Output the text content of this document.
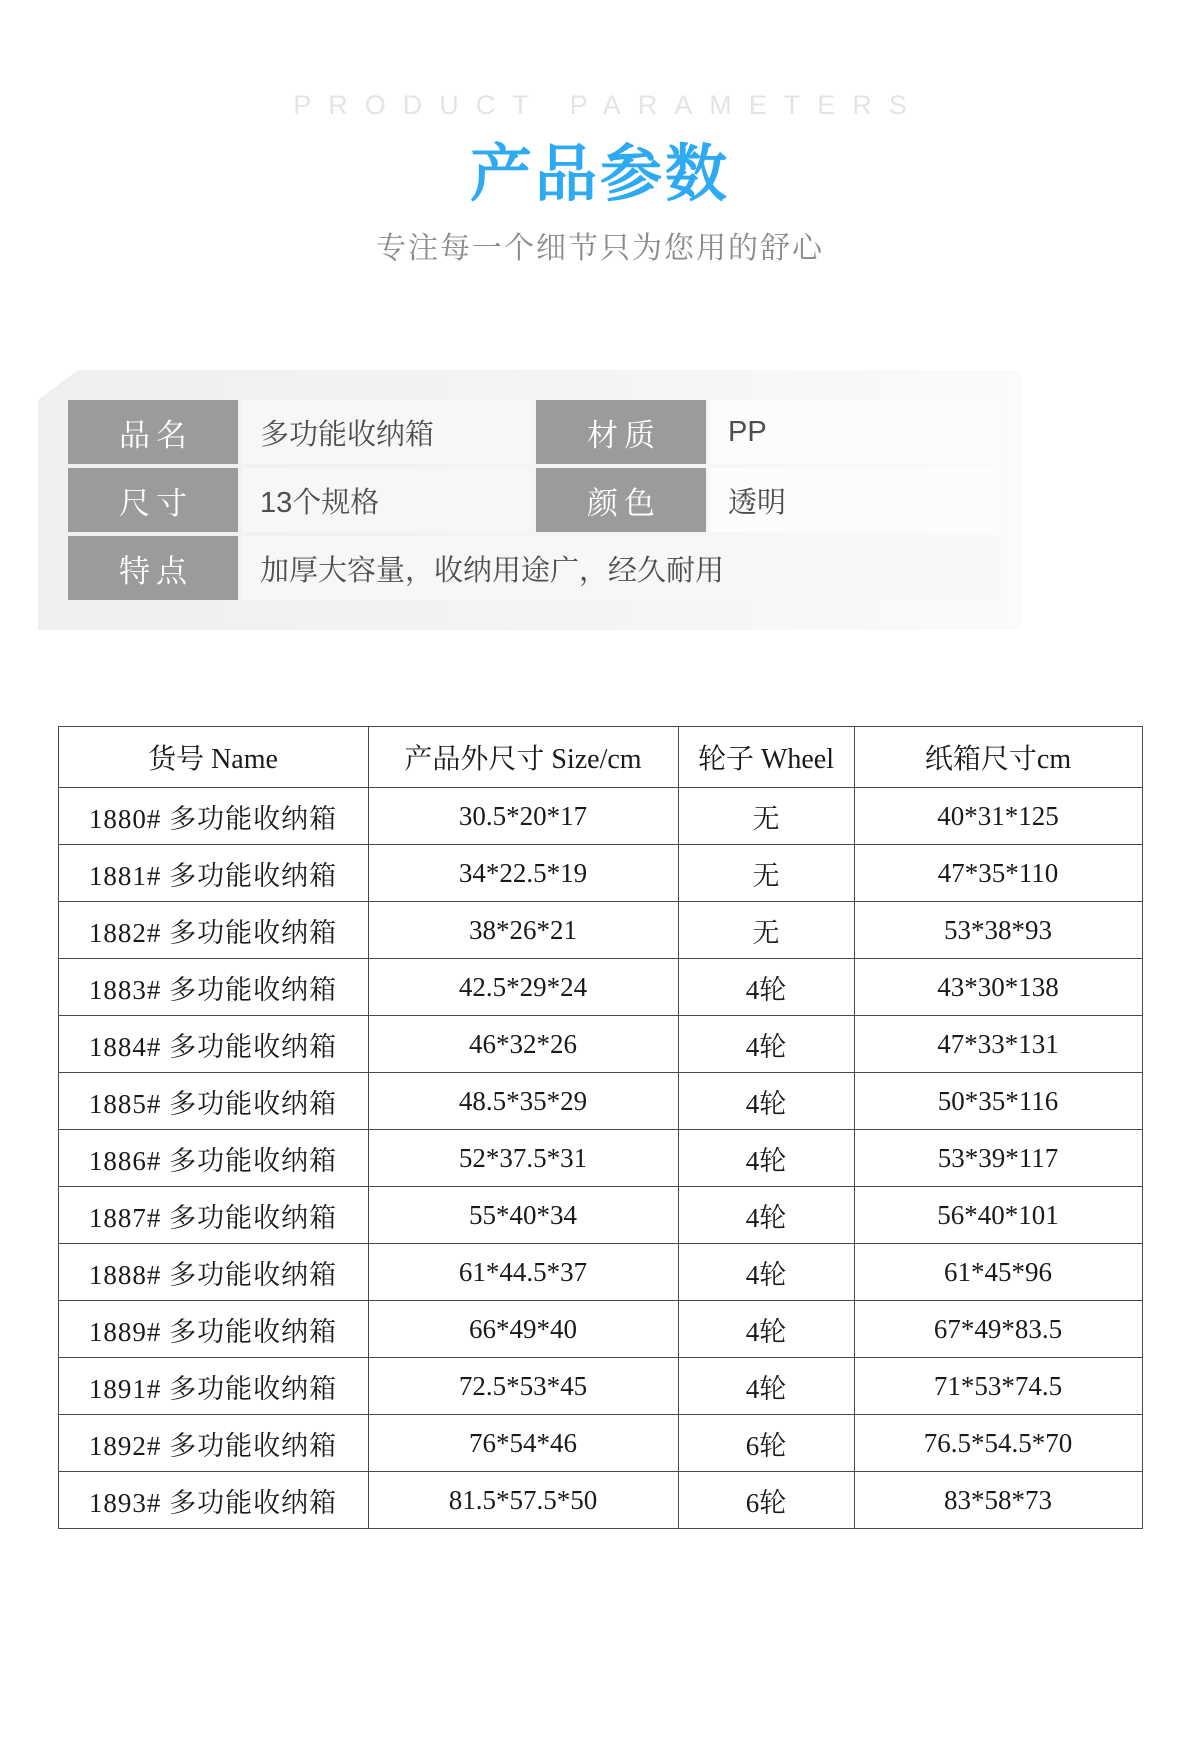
PRODUCT PARAMETERS
产品参数
专注每一个细节只为您用的舒心
品名	多功能收纳箱	材质	PP
尺寸	13个规格	颜色	透明
特点	加厚大容量，收纳用途广，经久耐用		
货号 Name	产品外尺寸 Size/cm	轮子 Wheel	纸箱尺寸cm
1880# 多功能收纳箱	30.5*20*17	无	40*31*125
1881# 多功能收纳箱	34*22.5*19	无	47*35*110
1882# 多功能收纳箱	38*26*21	无	53*38*93
1883# 多功能收纳箱	42.5*29*24	4轮	43*30*138
1884# 多功能收纳箱	46*32*26	4轮	47*33*131
1885# 多功能收纳箱	48.5*35*29	4轮	50*35*116
1886# 多功能收纳箱	52*37.5*31	4轮	53*39*117
1887# 多功能收纳箱	55*40*34	4轮	56*40*101
1888# 多功能收纳箱	61*44.5*37	4轮	61*45*96
1889# 多功能收纳箱	66*49*40	4轮	67*49*83.5
1891# 多功能收纳箱	72.5*53*45	4轮	71*53*74.5
1892# 多功能收纳箱	76*54*46	6轮	76.5*54.5*70
1893# 多功能收纳箱	81.5*57.5*50	6轮	83*58*73
